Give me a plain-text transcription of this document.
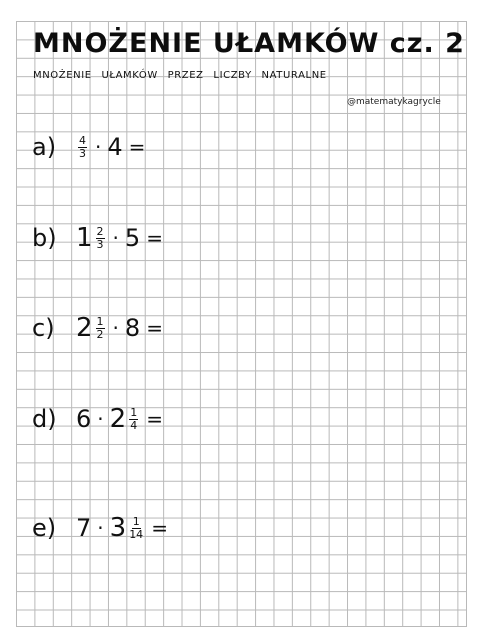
MNOŻENIE UŁAMKÓW cz. 2
MNOŻENIE UŁAMKÓW PRZEZ LICZBY NATURALNE
@matematykagrycle
a)	$\frac{4}{3} \cdot 4$ =
b) $1 \frac{2}{3} \cdot 5$ =
c) $2 \frac{1}{2} \cdot 8$ =
d) $6 \cdot 2 \frac{1}{4}$ =
e) $7 \cdot 3 \frac{1}{14}$ =
